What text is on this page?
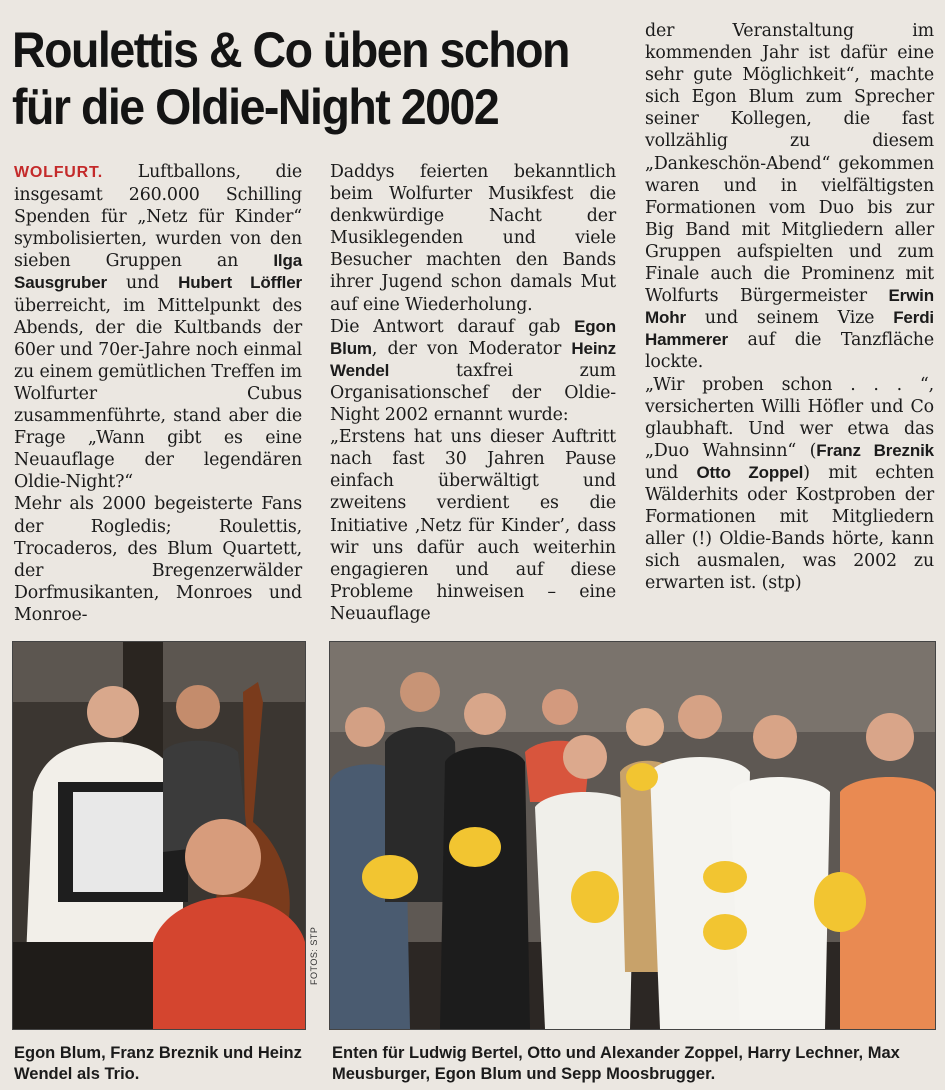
Roulettis & Co üben schon
für die Oldie-Night 2002

WOLFURT. Luftballons, die insgesamt 260.000 Schilling Spenden für „Netz für Kinder“ symbolisierten, wurden von den sieben Gruppen an Ilga Sausgruber und Hubert Löffler überreicht, im Mittelpunkt des Abends, der die Kultbands der 60er und 70er-Jahre noch einmal zu einem gemütlichen Treffen im Wolfurter Cubus zusammenführte, stand aber die Frage „Wann gibt es eine Neuauflage der legendären Oldie-Night?“

Mehr als 2000 begeisterte Fans der Rogledis; Roulettis, Trocaderos, des Blum Quartett, der Bregenzerwälder Dorfmusikanten, Monroes und Monroe-

Daddys feierten bekanntlich beim Wolfurter Musikfest die denkwürdige Nacht der Musiklegenden und viele Besucher machten den Bands ihrer Jugend schon damals Mut auf eine Wiederholung.

Die Antwort darauf gab Egon Blum, der von Moderator Heinz Wendel taxfrei zum Organisationschef der Oldie-Night 2002 ernannt wurde:

„Erstens hat uns dieser Auftritt nach fast 30 Jahren Pause einfach überwältigt und zweitens verdient es die Initiative ‚Netz für Kinder’, dass wir uns dafür auch weiterhin engagieren und auf diese Probleme hinweisen – eine Neuauflage

der Veranstaltung im kommenden Jahr ist dafür eine sehr gute Möglichkeit“, machte sich Egon Blum zum Sprecher seiner Kollegen, die fast vollzählig zu diesem „Dankeschön-Abend“ gekommen waren und in vielfältigsten Formationen vom Duo bis zur Big Band mit Mitgliedern aller Gruppen aufspielten und zum Finale auch die Prominenz mit Wolfurts Bürgermeister Erwin Mohr und seinem Vize Ferdi Hammerer auf die Tanzfläche lockte.

„Wir proben schon . . . “, versicherten Willi Höfler und Co glaubhaft. Und wer etwa das „Duo Wahnsinn“ (Franz Breznik und Otto Zoppel) mit echten Wälderhits oder Kostproben der Formationen mit Mitgliedern aller (!) Oldie-Bands hörte, kann sich ausmalen, was 2002 zu erwarten ist. (stp)

FOTOS: STP
Egon Blum, Franz Breznik und Heinz Wendel als Trio.
Enten für Ludwig Bertel, Otto und Alexander Zoppel, Harry Lechner, Max Meusburger, Egon Blum und Sepp Moosbrugger.
